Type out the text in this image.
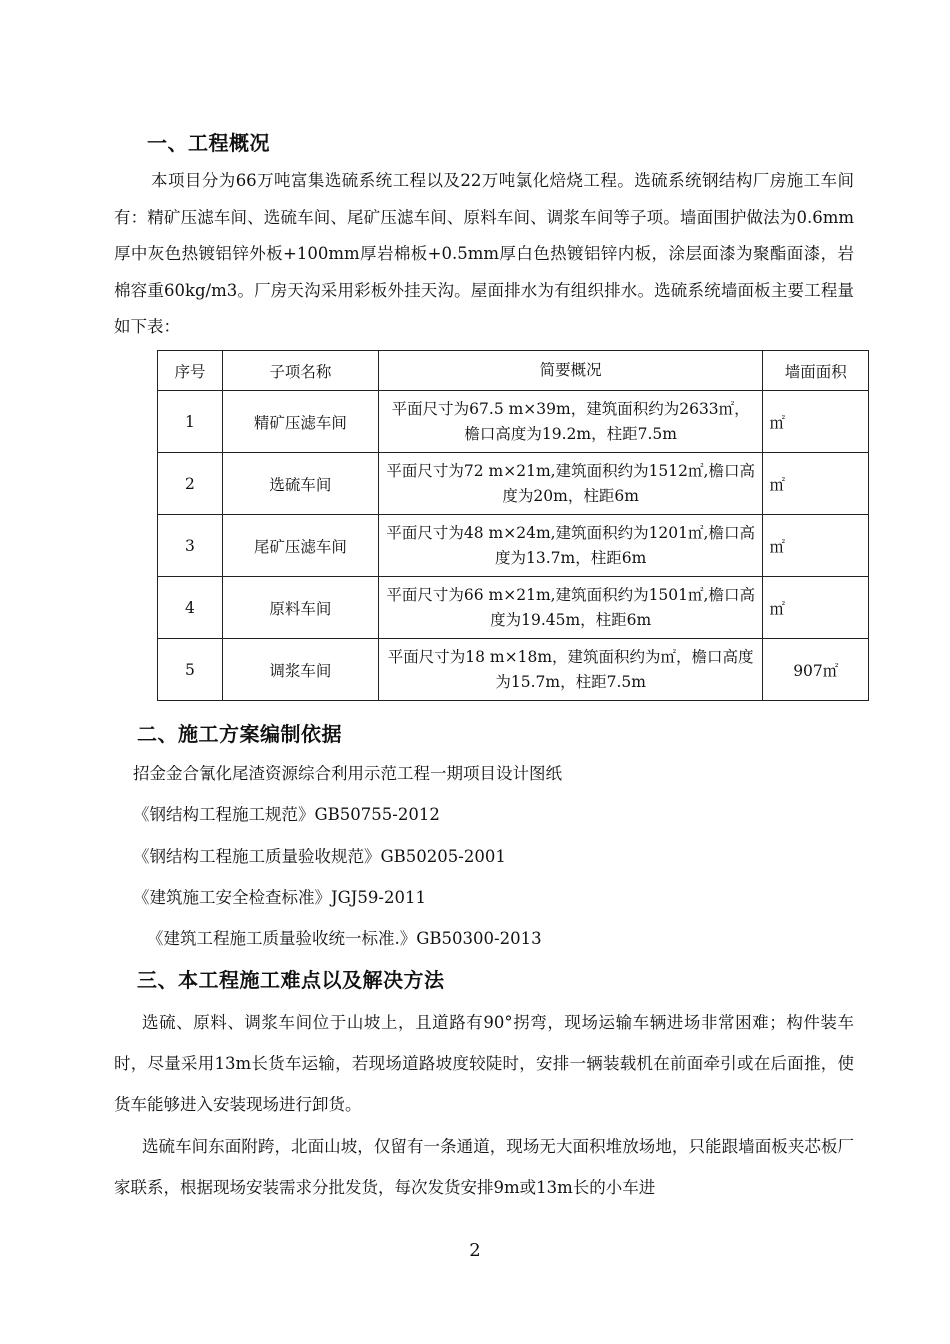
一、工程概况
本项目分为66万吨富集选硫系统工程以及22万吨氯化焙烧工程。选硫系统钢结构厂房施工车间有：精矿压滤车间、选硫车间、尾矿压滤车间、原料车间、调浆车间等子项。墙面围护做法为0.6mm厚中灰色热镀铝锌外板+100mm厚岩棉板+0.5mm厚白色热镀铝锌内板，涂层面漆为聚酯面漆，岩棉容重60kg/m3。厂房天沟采用彩板外挂天沟。屋面排水为有组织排水。选硫系统墙面板主要工程量如下表：
序号	子项名称	简要概况	墙面面积
1	精矿压滤车间	平面尺寸为67.5 m×39m，建筑面积约为2633㎡，檐口高度为19.2m，柱距7.5m	㎡
2	选硫车间	平面尺寸为72 m×21m,建筑面积约为1512㎡,檐口高度为20m，柱距6m	㎡
3	尾矿压滤车间	平面尺寸为48 m×24m,建筑面积约为1201㎡,檐口高度为13.7m，柱距6m	㎡
4	原料车间	平面尺寸为66 m×21m,建筑面积约为1501㎡,檐口高度为19.45m，柱距6m	㎡
5	调浆车间	平面尺寸为18 m×18m，建筑面积约为㎡，檐口高度为15.7m，柱距7.5m	907㎡
二、施工方案编制依据
招金金合氰化尾渣资源综合利用示范工程一期项目设计图纸
《钢结构工程施工规范》GB50755-2012
《钢结构工程施工质量验收规范》GB50205-2001
《建筑施工安全检查标准》JGJ59-2011
《建筑工程施工质量验收统一标准.》GB50300-2013
三、本工程施工难点以及解决方法
选硫、原料、调浆车间位于山坡上，且道路有90°拐弯，现场运输车辆进场非常困难；构件装车时，尽量采用13m长货车运输，若现场道路坡度较陡时，安排一辆装载机在前面牵引或在后面推，使货车能够进入安装现场进行卸货。
选硫车间东面附跨，北面山坡，仅留有一条通道，现场无大面积堆放场地，只能跟墙面板夹芯板厂家联系，根据现场安装需求分批发货，每次发货安排9m或13m长的小车进
2
